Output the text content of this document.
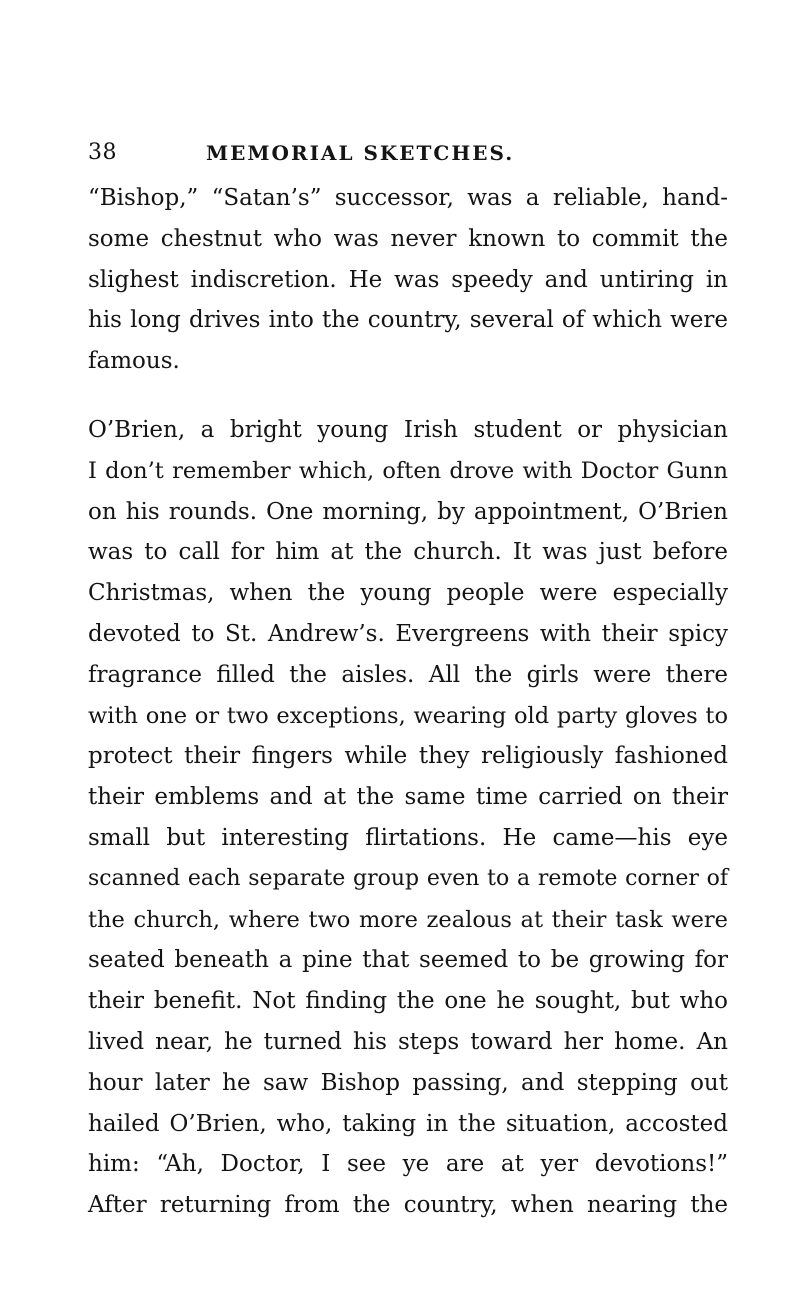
38	MEMORIAL SKETCHES.
“Bishop,” “Satan’s” successor, was a reliable, hand-
some chestnut who was never known to commit the
slighest indiscretion. He was speedy and untiring in
his long drives into the country, several of which were
famous.
O’Brien, a bright young Irish student or physician
I don’t remember which, often drove with Doctor Gunn
on his rounds. One morning, by appointment, O’Brien
was to call for him at the church. It was just before
Christmas, when the young people were especially
devoted to St. Andrew’s. Evergreens with their spicy
fragrance filled the aisles. All the girls were there
with one or two exceptions, wearing old party gloves to
protect their fingers while they religiously fashioned
their emblems and at the same time carried on their
small but interesting flirtations. He came—his eye
scanned each separate group even to a remote corner of
the church, where two more zealous at their task were
seated beneath a pine that seemed to be growing for
their benefit. Not finding the one he sought, but who
lived near, he turned his steps toward her home. An
hour later he saw Bishop passing, and stepping out
hailed O’Brien, who, taking in the situation, accosted
him: “Ah, Doctor, I see ye are at yer devotions!”
After returning from the country, when nearing the
